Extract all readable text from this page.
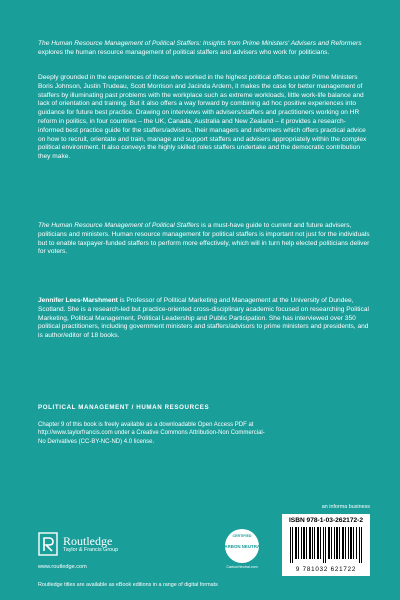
The Human Resource Management of Political Staffers: Insights from Prime Ministers' Advisers and Reformers explores the human resource management of political staffers and advisers who work for politicians.

Deeply grounded in the experiences of those who worked in the highest political offices under Prime Ministers Boris Johnson, Justin Trudeau, Scott Morrison and Jacinda Ardern, it makes the case for better management of staffers by illuminating past problems with the workplace such as extreme workloads, little work-life balance and lack of orientation and training. But it also offers a way forward by combining ad hoc positive experiences into guidance for future best practice. Drawing on interviews with advisers/staffers and practitioners working on HR reform in politics, in four countries – the UK, Canada, Australia and New Zealand – it provides a research-informed best practice guide for the staffers/advisers, their managers and reformers which offers practical advice on how to recruit, orientate and train, manage and support staffers and advisers appropriately within the complex political environment. It also conveys the highly skilled roles staffers undertake and the democratic contribution they make.

The Human Resource Management of Political Staffers is a must-have guide to current and future advisers, politicians and ministers. Human resource management for political staffers is important not just for the individuals but to enable taxpayer-funded staffers to perform more effectively, which will in turn help elected politicians deliver for voters.

Jennifer Lees-Marshment is Professor of Political Marketing and Management at the University of Dundee, Scotland. She is a research-led but practice-oriented cross-disciplinary academic focused on researching Political Marketing, Political Management, Political Leadership and Public Participation. She has interviewed over 350 political practitioners, including government ministers and staffers/advisors to prime ministers and presidents, and is author/editor of 18 books.

POLITICAL MANAGEMENT / HUMAN RESOURCES
Chapter 9 of this book is freely available as a downloadable Open Access PDF at http://www.taylorfrancis.com under a Creative Commons Attribution-Non Commercial-No Derivatives (CC-BY-NC-ND) 4.0 license.
Routledge
Taylor & Francis Group
www.routledge.com
CERTIFIED
CARBON NEUTRAL
CarbonNeutral.com
an informa business
ISBN 978-1-03-262172-2
9 781032 621722
Routledge titles are available as eBook editions in a range of digital formats
